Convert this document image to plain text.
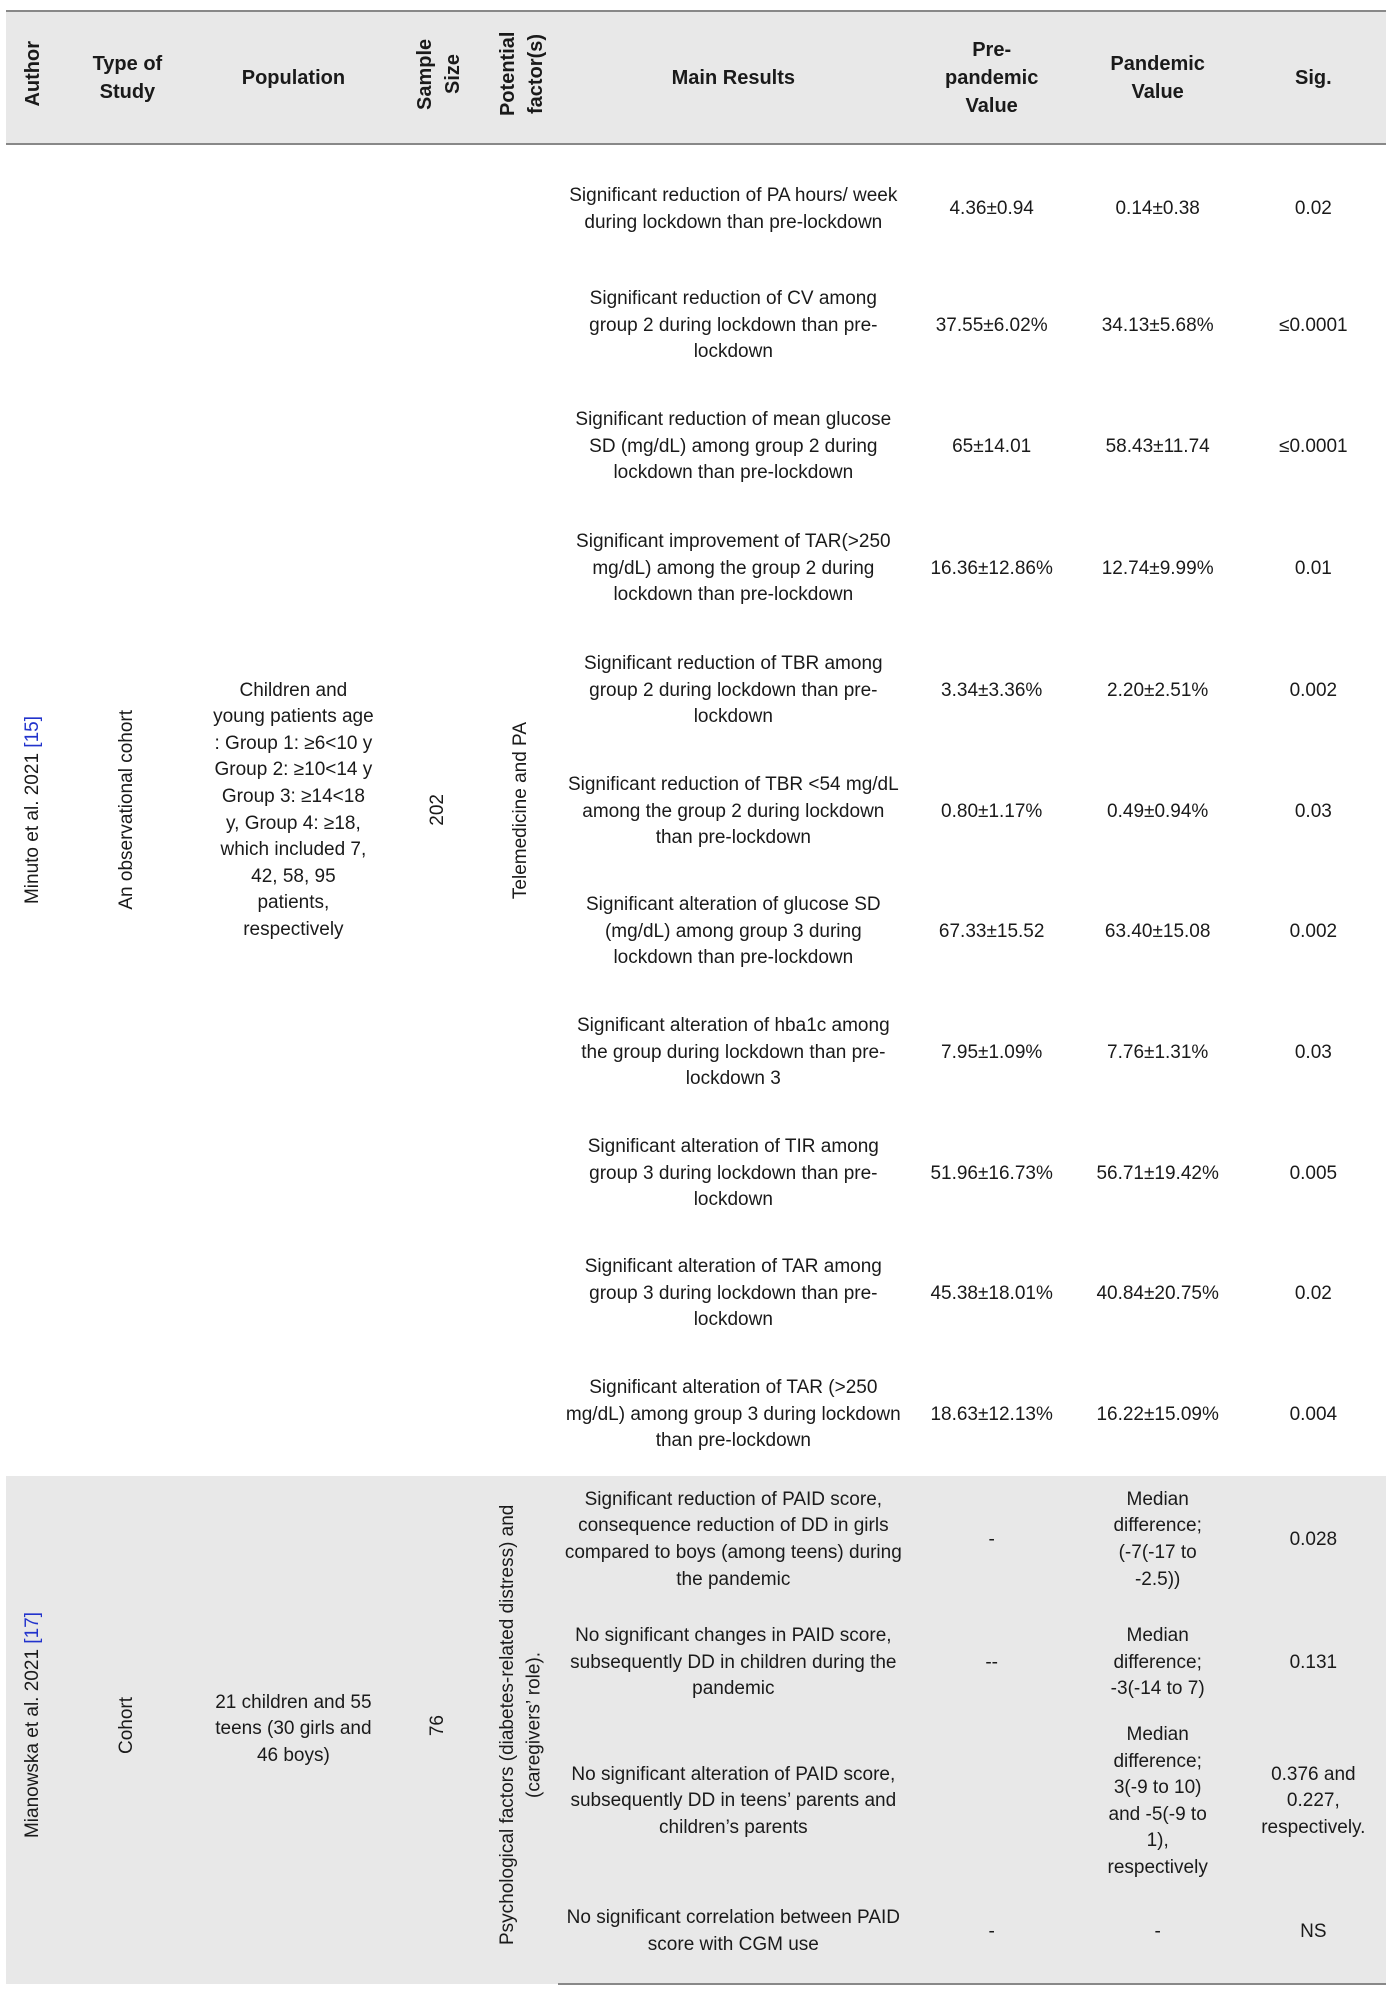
Author	Type of Study	Population	Sample Size	Potential factor(s)	Main Results	Pre-pandemic Value	Pandemic Value	Sig.
Minuto et al. 2021 [15]	An observational cohort	Children and young patients age : Group 1: ≥6<10 y Group 2: ≥10<14 y Group 3: ≥14<18 y, Group 4: ≥18, which included 7, 42, 58, 95 patients, respectively	202	Telemedicine and PA	Significant reduction of PA hours/ week during lockdown than pre-lockdown	4.36±0.94	0.14±0.38	0.02
					Significant reduction of CV among group 2 during lockdown than pre-lockdown	37.55±6.02%	34.13±5.68%	≤0.0001
					Significant reduction of mean glucose SD (mg/dL) among group 2 during lockdown than pre-lockdown	65±14.01	58.43±11.74	≤0.0001
					Significant improvement of TAR(>250 mg/dL) among the group 2 during lockdown than pre-lockdown	16.36±12.86%	12.74±9.99%	0.01
					Significant reduction of TBR among group 2 during lockdown than pre-lockdown	3.34±3.36%	2.20±2.51%	0.002
					Significant reduction of TBR <54 mg/dL among the group 2 during lockdown than pre-lockdown	0.80±1.17%	0.49±0.94%	0.03
					Significant alteration of glucose SD (mg/dL) among group 3 during lockdown than pre-lockdown	67.33±15.52	63.40±15.08	0.002
					Significant alteration of hba1c among the group during lockdown than pre-lockdown 3	7.95±1.09%	7.76±1.31%	0.03
					Significant alteration of TIR among group 3 during lockdown than pre-lockdown	51.96±16.73%	56.71±19.42%	0.005
					Significant alteration of TAR among group 3 during lockdown than pre-lockdown	45.38±18.01%	40.84±20.75%	0.02
					Significant alteration of TAR (>250 mg/dL) among group 3 during lockdown than pre-lockdown	18.63±12.13%	16.22±15.09%	0.004
Mianowska et al. 2021 [17]	Cohort	21 children and 55 teens (30 girls and 46 boys)	76	Psychological factors (diabetes-related distress) and (caregivers’ role).	Significant reduction of PAID score, consequence reduction of DD in girls compared to boys (among teens) during the pandemic	-	Median difference; (-7(-17 to -2.5))	0.028
					No significant changes in PAID score, subsequently DD in children during the pandemic	--	Median difference; -3(-14 to 7)	0.131
					No significant alteration of PAID score, subsequently DD in teens’ parents and children’s parents		Median difference; 3(-9 to 10) and -5(-9 to 1), respectively	0.376 and 0.227, respectively.
					No significant correlation between PAID score with CGM use	-	-	NS
